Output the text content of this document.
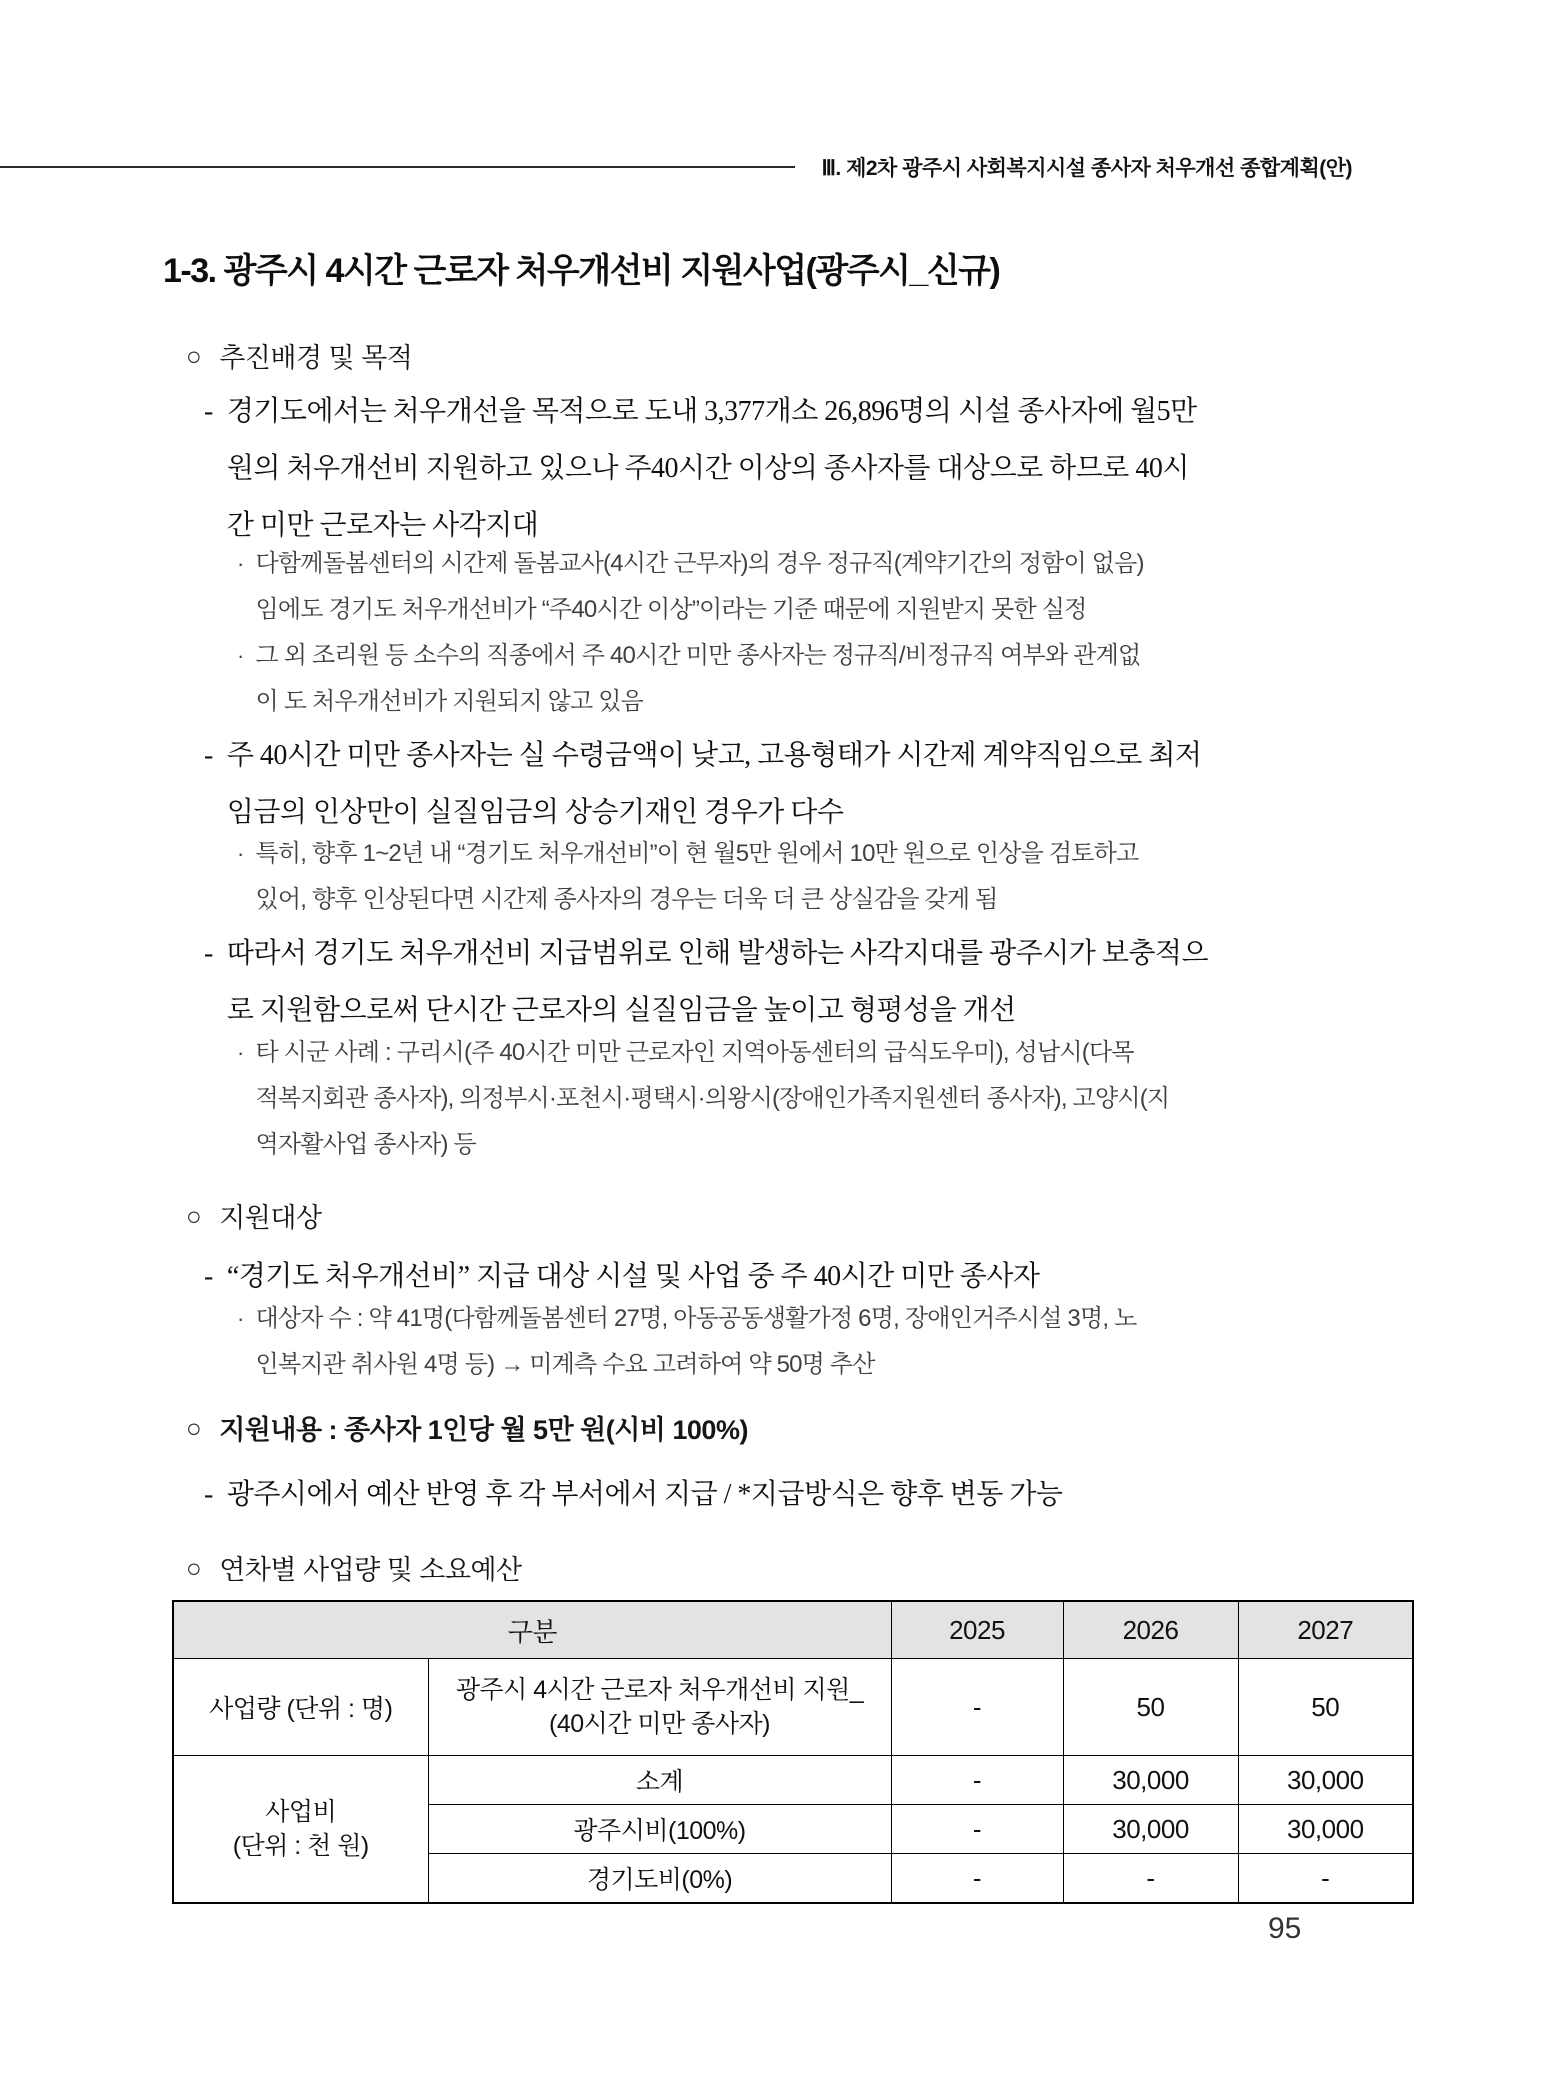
Ⅲ. 제2차 광주시 사회복지시설 종사자 처우개선 종합계획(안)
1-3. 광주시 4시간 근로자 처우개선비 지원사업(광주시_신규)
○ 추진배경 및 목적
- 경기도에서는 처우개선을 목적으로 도내 3,377개소 26,896명의 시설 종사자에 월5만
원의 처우개선비 지원하고 있으나 주40시간 이상의 종사자를 대상으로 하므로 40시
간 미만 근로자는 사각지대
· 다함께돌봄센터의 시간제 돌봄교사(4시간 근무자)의 경우 정규직(계약기간의 정함이 없음)
임에도 경기도 처우개선비가 “주40시간 이상”이라는 기준 때문에 지원받지 못한 실정
· 그 외 조리원 등 소수의 직종에서 주 40시간 미만 종사자는 정규직/비정규직 여부와 관계없
이 도 처우개선비가 지원되지 않고 있음
- 주 40시간 미만 종사자는 실 수령금액이 낮고, 고용형태가 시간제 계약직임으로 최저
임금의 인상만이 실질임금의 상승기재인 경우가 다수
· 특히, 향후 1~2년 내 “경기도 처우개선비”이 현 월5만 원에서 10만 원으로 인상을 검토하고
있어, 향후 인상된다면 시간제 종사자의 경우는 더욱 더 큰 상실감을 갖게 됨
- 따라서 경기도 처우개선비 지급범위로 인해 발생하는 사각지대를 광주시가 보충적으
로 지원함으로써 단시간 근로자의 실질임금을 높이고 형평성을 개선
· 타 시군 사례 : 구리시(주 40시간 미만 근로자인 지역아동센터의 급식도우미), 성남시(다목
적복지회관 종사자), 의정부시·포천시·평택시·의왕시(장애인가족지원센터 종사자), 고양시(지
역자활사업 종사자) 등
○ 지원대상
- “경기도 처우개선비” 지급 대상 시설 및 사업 중 주 40시간 미만 종사자
· 대상자 수 : 약 41명(다함께돌봄센터 27명, 아동공동생활가정 6명, 장애인거주시설 3명, 노
인복지관 취사원 4명 등) → 미계측 수요 고려하여 약 50명 추산
○ 지원내용 : 종사자 1인당 월 5만 원(시비 100%)
- 광주시에서 예산 반영 후 각 부서에서 지급 / *지급방식은 향후 변동 가능
○ 연차별 사업량 및 소요예산
구분		2025	2026	2027
사업량 (단위 : 명)	광주시 4시간 근로자 처우개선비 지원_
(40시간 미만 종사자)	-	50	50

사업비
(단위 : 천 원)	소계	-	30,000	30,000
	광주시비(100%)	-	30,000	30,000
	경기도비(0%)	-	-	-
95
